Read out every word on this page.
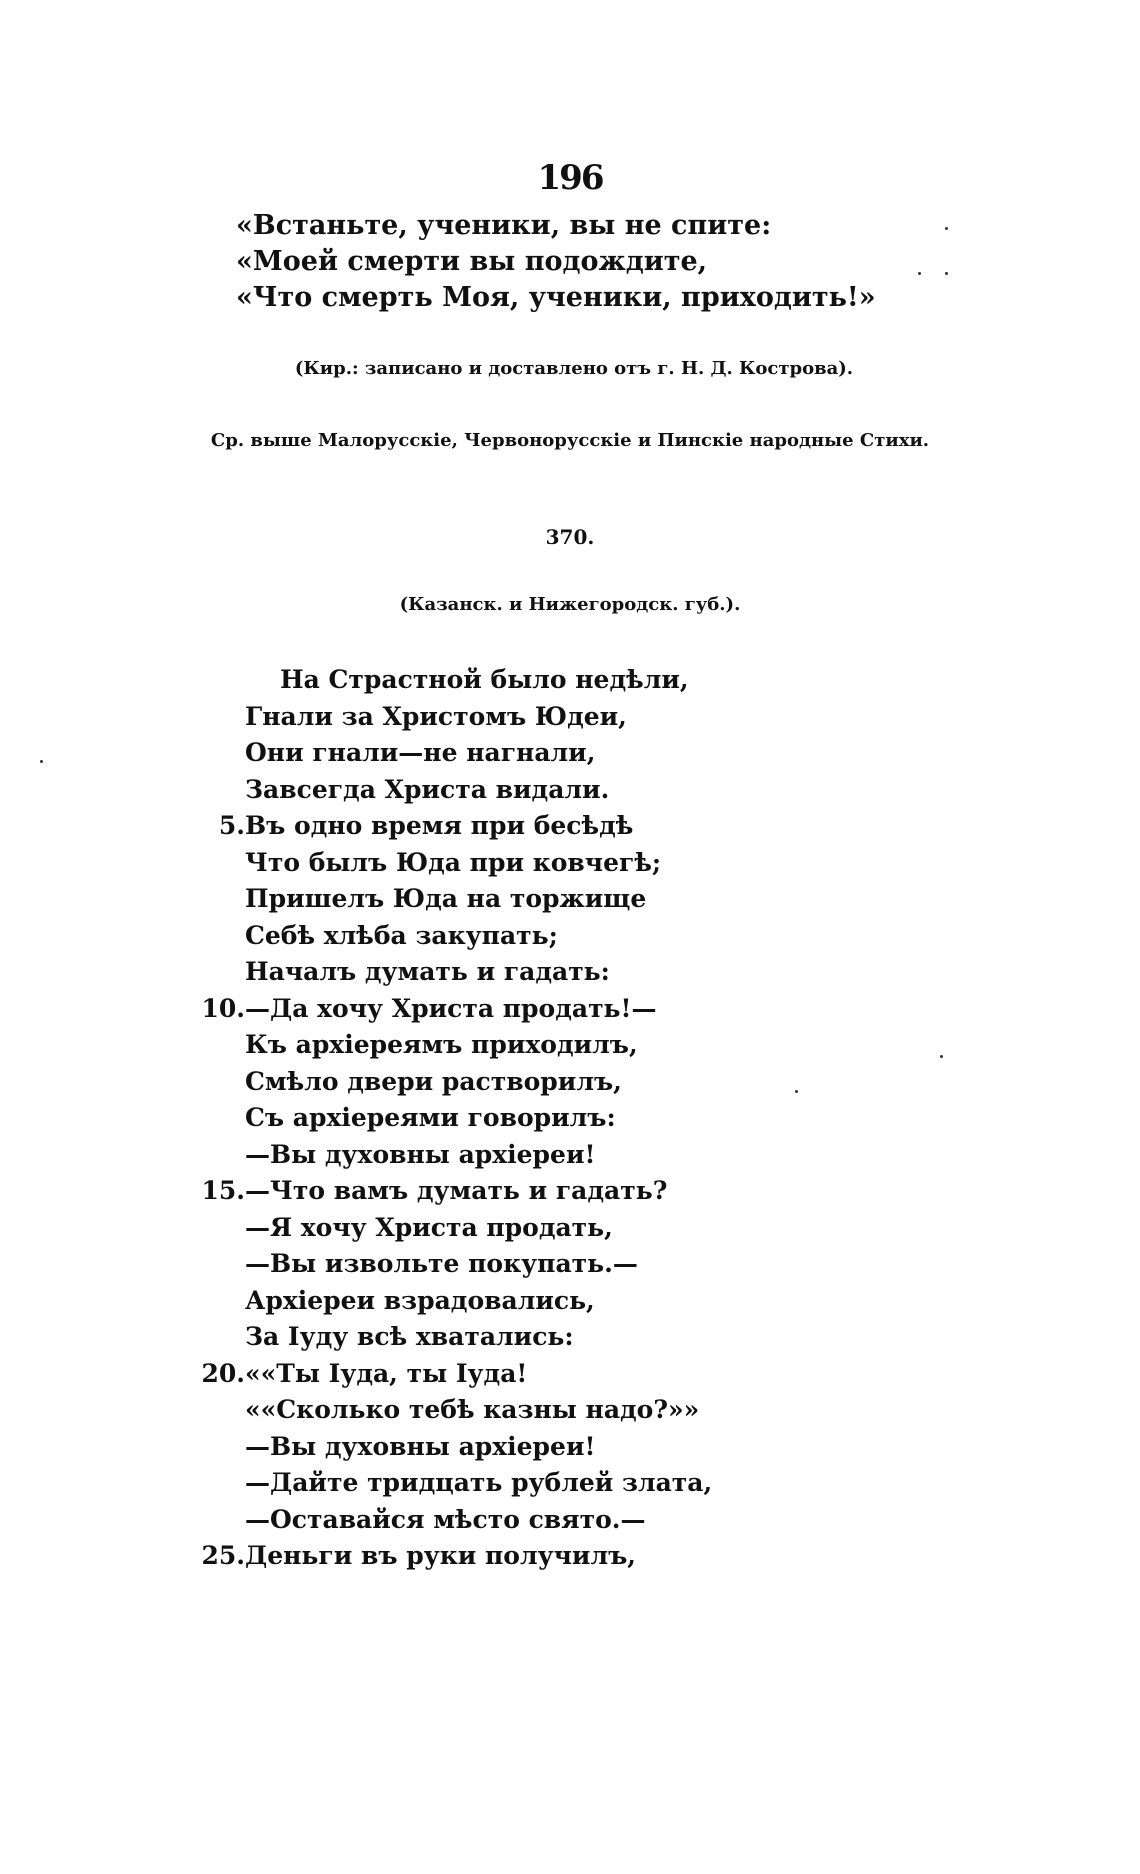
196
«Встаньте, ученики, вы не спите:
«Моей смерти вы подождите,
«Что смерть Моя, ученики, приходить!»
(Кир.: записано и доставлено отъ г. Н. Д. Кострова).
Ср. выше Малорусскіе, Червонорусскіе и Пинскіе народные Стихи.
370.
(Казанск. и Нижегородск. губ.).
На Страстной было недѣли,
Гнали за Христомъ Юдеи,
Они гнали—не нагнали,
Завсегда Христа видали.
5. Въ одно время при бесѣдѣ
Что былъ Юда при ковчегѣ;
Пришелъ Юда на торжище
Себѣ хлѣба закупать;
Началъ думать и гадать:
10. —Да хочу Христа продать!—
Къ архіереямъ приходилъ,
Смѣло двери растворилъ,
Съ архіереями говорилъ:
—Вы духовны архіереи!
15. —Что вамъ думать и гадать?
—Я хочу Христа продать,
—Вы извольте покупать.—
Архіереи взрадовались,
За Іуду всѣ хватались:
20. ««Ты Іуда, ты Іуда!
««Сколько тебѣ казны надо?»»
—Вы духовны архіереи!
—Дайте тридцать рублей злата,
—Оставайся мѣсто свято.—
25. Деньги въ руки получилъ,
